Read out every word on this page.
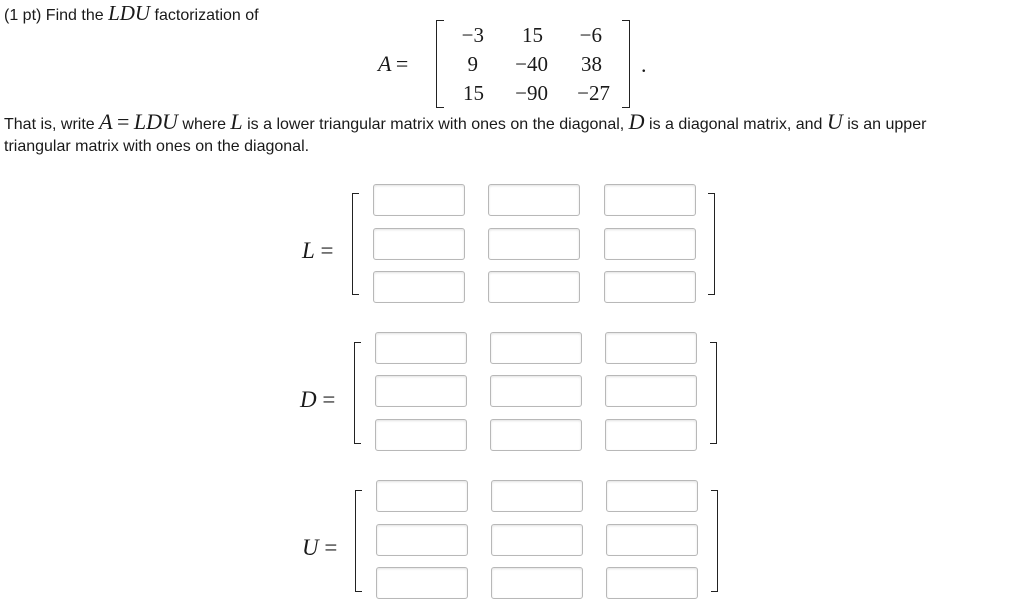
(1 pt) Find the LDU factorization of
A =
−3	15	−6
9	−40	38
15	−90	−27
.
That is, write A = LDU where L is a lower triangular matrix with ones on the diagonal, D is a diagonal matrix, and U is an upper
triangular matrix with ones on the diagonal.
L =
D =
U =
